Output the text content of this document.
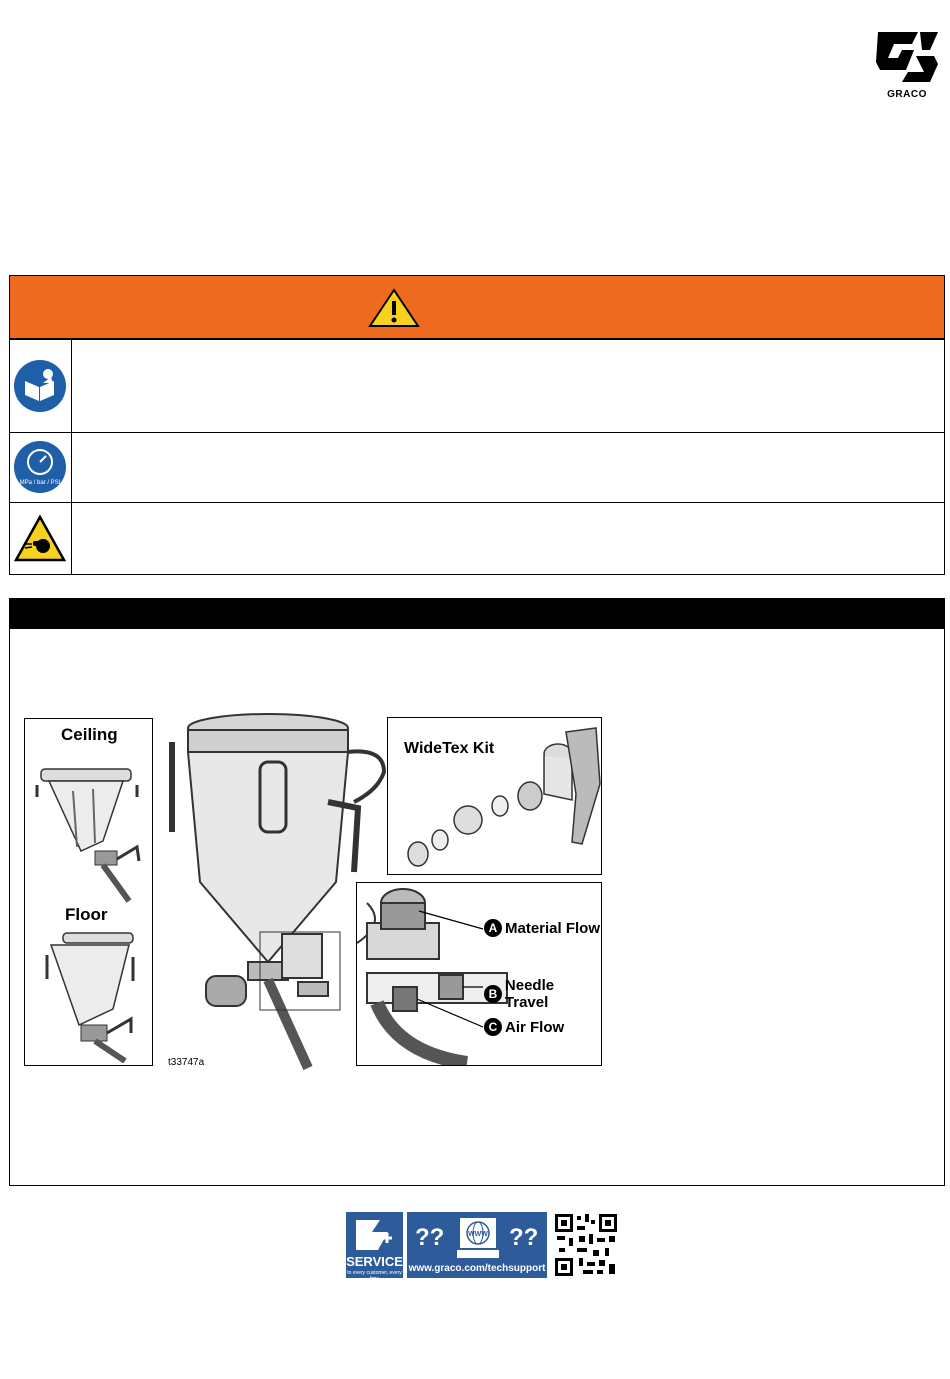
GRACO
MPa / bar / PSI
Ceiling
Floor
t33747a
WideTex Kit
A Material Flow
B Needle Travel
C Air Flow
SERVICE
to every customer, every time
??	WWW ??
www.graco.com/techsupport
